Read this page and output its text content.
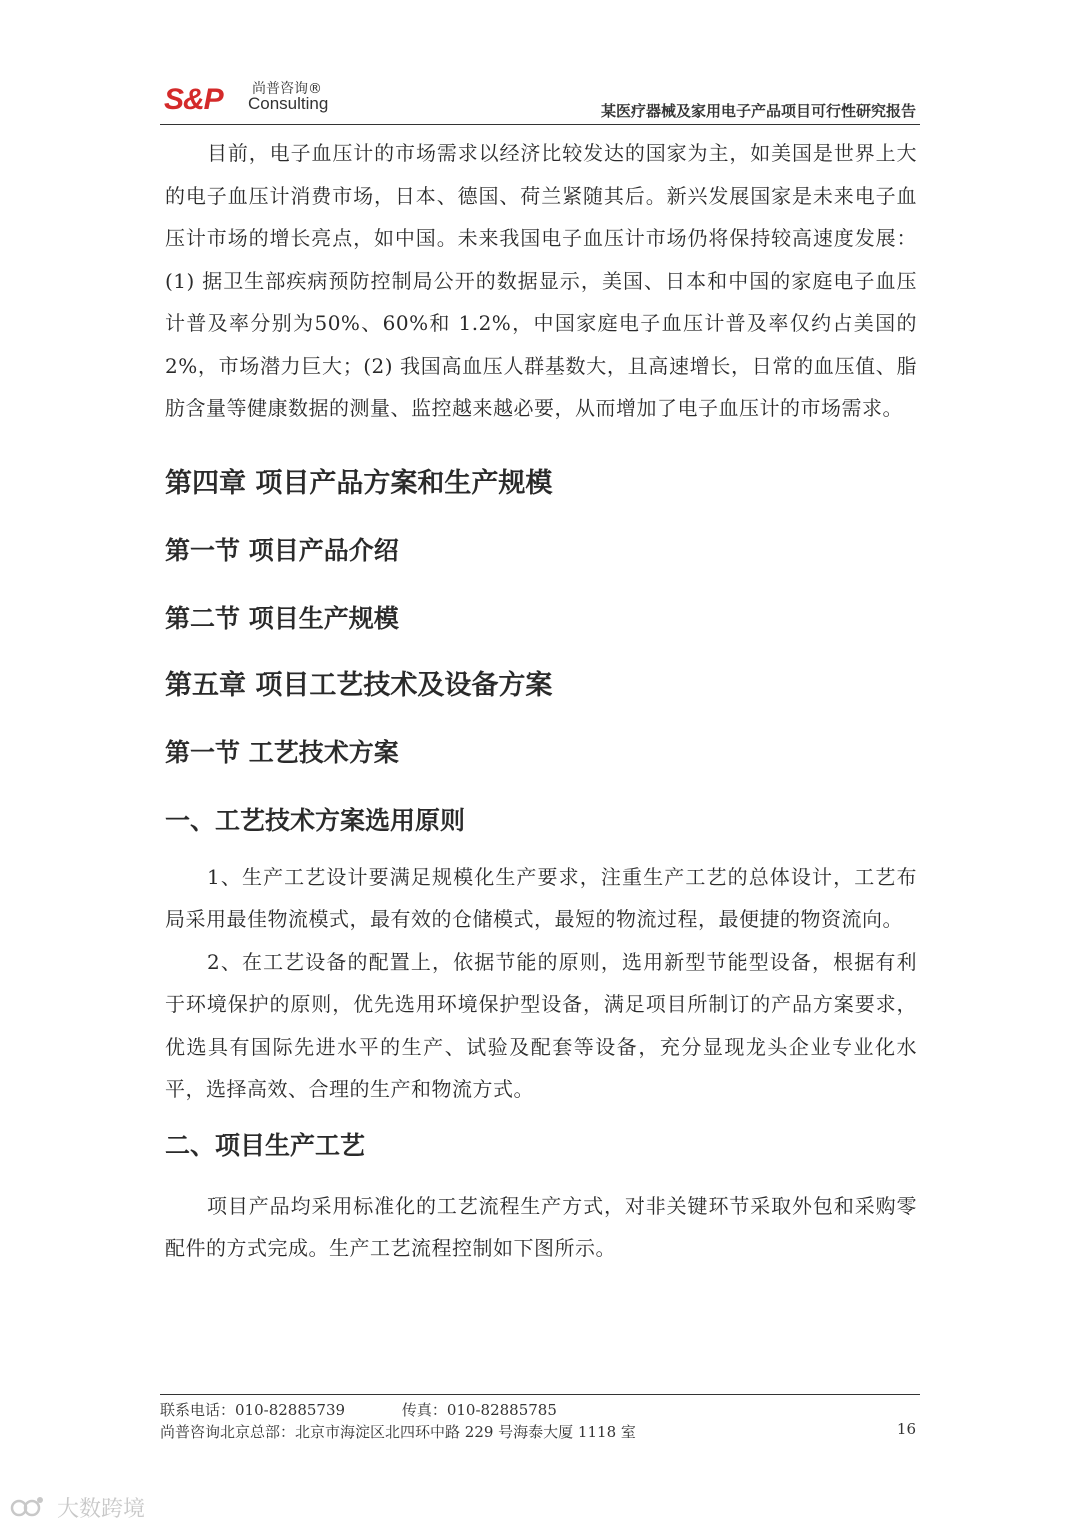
S&P 尚普咨询®
Consulting	某医疗器械及家用电子产品项目可行性研究报告

目前，电子血压计的市场需求以经济比较发达的国家为主，如美国是世界上大的电子血压计消费市场，日本、德国、荷兰紧随其后。新兴发展国家是未来电子血压计市场的增长亮点，如中国。未来我国电子血压计市场仍将保持较高速度发展：(1) 据卫生部疾病预防控制局公开的数据显示，美国、日本和中国的家庭电子血压计普及率分别为50%、60%和 1.2%，中国家庭电子血压计普及率仅约占美国的 2%，市场潜力巨大；(2) 我国高血压人群基数大，且高速增长，日常的血压值、脂肪含量等健康数据的测量、监控越来越必要，从而增加了电子血压计的市场需求。

第四章 项目产品方案和生产规模
第一节 项目产品介绍
第二节 项目生产规模
第五章 项目工艺技术及设备方案
第一节 工艺技术方案
一、工艺技术方案选用原则

1、生产工艺设计要满足规模化生产要求，注重生产工艺的总体设计，工艺布局采用最佳物流模式，最有效的仓储模式，最短的物流过程，最便捷的物资流向。

2、在工艺设备的配置上，依据节能的原则，选用新型节能型设备，根据有利于环境保护的原则，优先选用环境保护型设备，满足项目所制订的产品方案要求，优选具有国际先进水平的生产、试验及配套等设备，充分显现龙头企业专业化水平，选择高效、合理的生产和物流方式。

二、项目生产工艺

项目产品均采用标准化的工艺流程生产方式，对非关键环节采取外包和采购零配件的方式完成。生产工艺流程控制如下图所示。

联系电话：010-82885739	传真：010-82885785
尚普咨询北京总部：北京市海淀区北四环中路 229 号海泰大厦 1118 室	16
大数跨境
